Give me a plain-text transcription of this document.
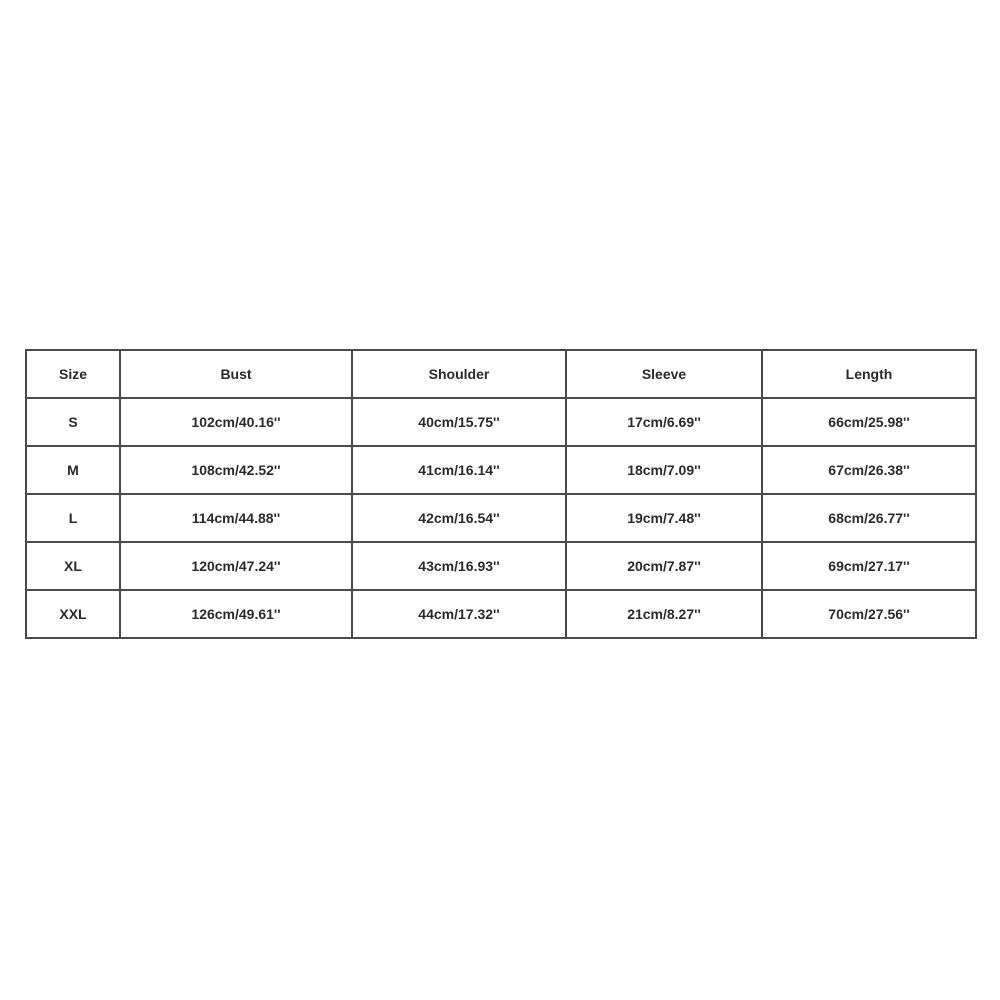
Size	Bust	Shoulder	Sleeve	Length
S	102cm/40.16''	40cm/15.75''	17cm/6.69''	66cm/25.98''
M	108cm/42.52''	41cm/16.14''	18cm/7.09''	67cm/26.38''
L	114cm/44.88''	42cm/16.54''	19cm/7.48''	68cm/26.77''
XL	120cm/47.24''	43cm/16.93''	20cm/7.87''	69cm/27.17''
XXL	126cm/49.61''	44cm/17.32''	21cm/8.27''	70cm/27.56''
